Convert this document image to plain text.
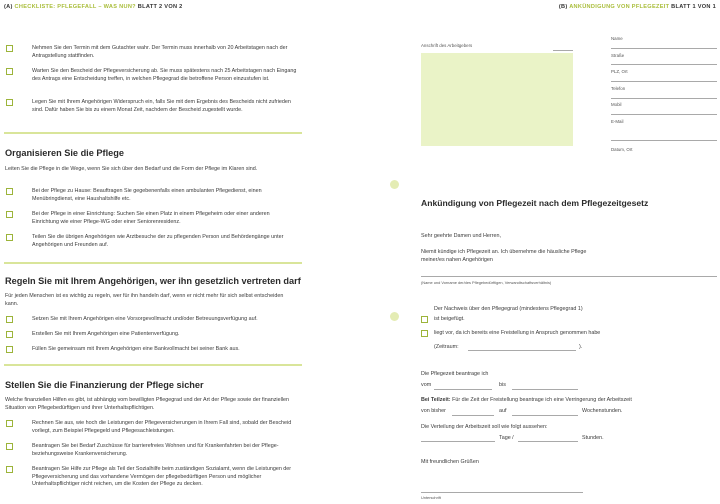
(A) CHECKLISTE: PFLEGEFALL – WAS NUN? BLATT 2 VON 2	(B) ANKÜNDIGUNG VON PFLEGEZEIT BLATT 1 VON 1
Nehmen Sie den Termin mit dem Gutachter wahr. Der Termin muss innerhalb von 20 Arbeitstagen nach der Antragstellung stattfinden.
Warten Sie den Bescheid der Pflegeversicherung ab. Sie muss spätestens nach 25 Arbeitstagen nach Eingang des Antrags eine Entscheidung treffen, in welchen Pflegegrad die betroffene Person einzustufen ist.
Legen Sie mit Ihrem Angehörigen Widerspruch ein, falls Sie mit dem Ergebnis des Bescheids nicht zufrieden sind. Dafür haben Sie bis zu einem Monat Zeit, nachdem der Bescheid zugestellt wurde.
Organisieren Sie die Pflege
Leiten Sie die Pflege in die Wege, wenn Sie sich über den Bedarf und die Form der Pflege im Klaren sind.
Bei der Pflege zu Hause: Beauftragen Sie gegebenenfalls einen ambulanten Pflegedienst, einen Menübringdienst, eine Haushaltshilfe etc.
Bei der Pflege in einer Einrichtung: Suchen Sie einen Platz in einem Pflegeheim oder einer anderen Einrichtung wie einer Pflege-WG oder einer Seniorenresidenz.
Teilen Sie die übrigen Angehörigen wie Arztbesuche der zu pflegenden Person und Behördengänge unter Angehörigen und Freunden auf.
Regeln Sie mit Ihrem Angehörigen, wer ihn gesetzlich vertreten darf
Für jeden Menschen ist es wichtig zu regeln, wer für ihn handeln darf, wenn er nicht mehr für sich selbst entscheiden kann.
Setzen Sie mit Ihrem Angehörigen eine Vorsorgevollmacht und/oder Betreuungsverfügung auf.
Erstellen Sie mit Ihrem Angehörigen eine Patientenverfügung.
Füllen Sie gemeinsam mit Ihrem Angehörigen eine Bankvollmacht bei seiner Bank aus.
Stellen Sie die Finanzierung der Pflege sicher
Welche finanziellen Hilfen es gibt, ist abhängig vom bewilligten Pflegegrad und der Art der Pflege sowie der finanziellen Situation von Pflegebedürftigen und ihrer Unterhaltspflichtigen.
Rechnen Sie aus, wie hoch die Leistungen der Pflegeversicherungen in Ihrem Fall sind, sobald der Bescheid vorliegt, zum Beispiel Pflegegeld und Pflegesachleistungen.
Beantragen Sie bei Bedarf Zuschüsse für barrierefreies Wohnen und für Krankenfahrten bei der Pflege- beziehungsweise Krankenversicherung.
Beantragen Sie Hilfe zur Pflege als Teil der Sozialhilfe beim zuständigen Sozialamt, wenn die Leistungen der Pflegeversicherung und das vorhandene Vermögen der pflegebedürftigen Person und möglicher Unterhaltspflichtiger nicht reichen, um die Kosten der Pflege zu decken.
Anschrift des Arbeitgebers
Name
Straße
PLZ, Ort
Telefon
Mobil
E-Mail
Datum, Ort
Ankündigung von Pflegezeit nach dem Pflegezeitgesetz
Sehr geehrte Damen und Herren,
Niemit kündige ich Pflegezeit an. Ich übernehme die häusliche Pflege
meiner/es nahen Angehörigen
(Name und Vorname der/des Pflegebedürftigen, Verwandtschaftsverhältnis)
Der Nachweis über den Pflegegrad (mindestens Pflegegrad 1)
ist beigefügt.
liegt vor, da ich bereits eine Freistellung in Anspruch genommen habe
(Zeitraum:	).
Die Pflegezeit beantrage ich
vom	bis
Bei Teilzeit: Für die Zeit der Freistellung beantrage ich eine Verringerung der Arbeitszeit
von bisher	auf	Wochenstunden.
Die Verteilung der Arbeitszeit soll wie folgt aussehen:
Tage /	Stunden.
Mit freundlichen Grüßen
Unterschrift
